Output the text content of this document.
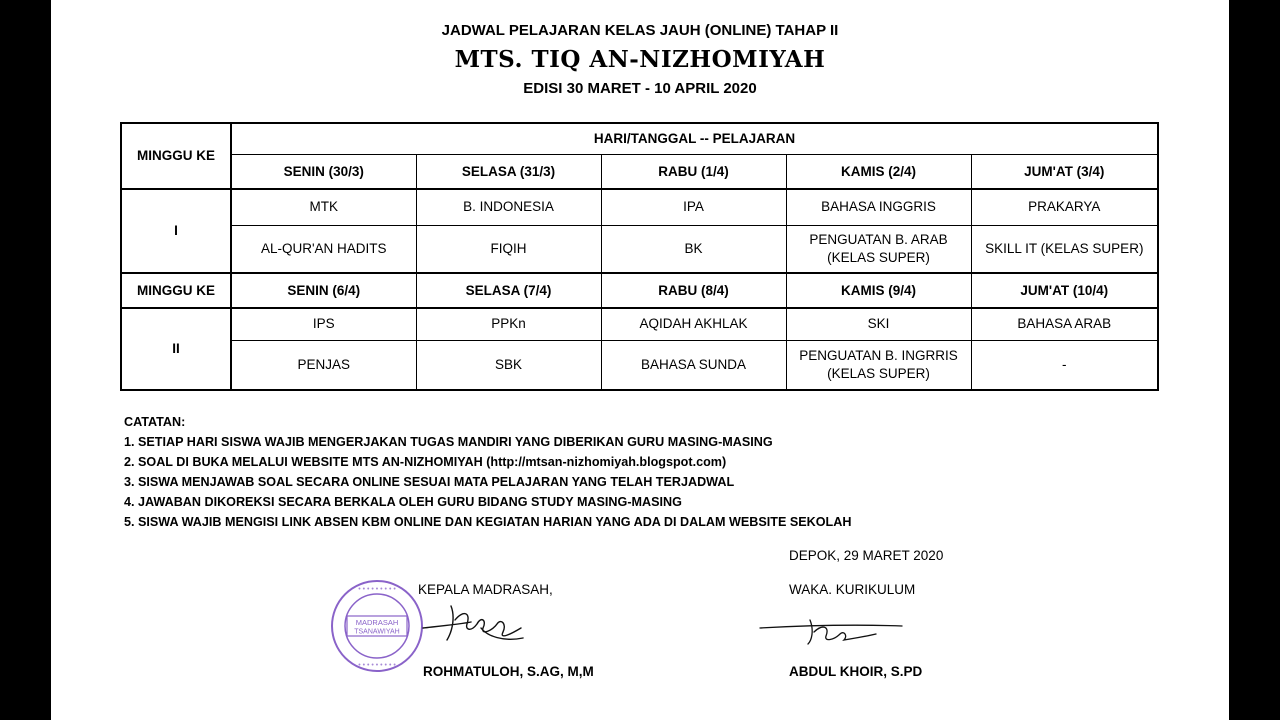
JADWAL PELAJARAN KELAS JAUH (ONLINE) TAHAP II
MTS. TIQ AN-NIZHOMIYAH
EDISI 30 MARET - 10 APRIL 2020
MINGGU KE	HARI/TANGGAL -- PELAJARAN				
	SENIN (30/3)	SELASA (31/3)	RABU (1/4)	KAMIS (2/4)	JUM'AT (3/4)
I	MTK	B. INDONESIA	IPA	BAHASA INGGRIS	PRAKARYA
	AL-QUR'AN HADITS	FIQIH	BK	PENGUATAN B. ARAB (KELAS SUPER)	SKILL IT (KELAS SUPER)
MINGGU KE	SENIN (6/4)	SELASA (7/4)	RABU (8/4)	KAMIS (9/4)	JUM'AT (10/4)
II	IPS	PPKn	AQIDAH AKHLAK	SKI	BAHASA ARAB
	PENJAS	SBK	BAHASA SUNDA	PENGUATAN B. INGRRIS (KELAS SUPER)	-
CATATAN:
1. SETIAP HARI SISWA WAJIB MENGERJAKAN TUGAS MANDIRI YANG DIBERIKAN GURU MASING-MASING
2. SOAL DI BUKA MELALUI WEBSITE MTS AN-NIZHOMIYAH (http://mtsan-nizhomiyah.blogspot.com)
3. SISWA MENJAWAB SOAL SECARA ONLINE SESUAI MATA PELAJARAN YANG TELAH TERJADWAL
4. JAWABAN DIKOREKSI SECARA BERKALA OLEH GURU BIDANG STUDY MASING-MASING
5. SISWA WAJIB MENGISI LINK ABSEN KBM ONLINE DAN KEGIATAN HARIAN YANG ADA DI DALAM WEBSITE SEKOLAH
DEPOK, 29 MARET 2020
KEPALA MADRASAH,	WAKA. KURIKULUM
• • • • • • • • •
• • • • • • • • •
MADRASAH
TSANAWIYAH
ROHMATULOH, S.AG, M,M	ABDUL KHOIR, S.PD
